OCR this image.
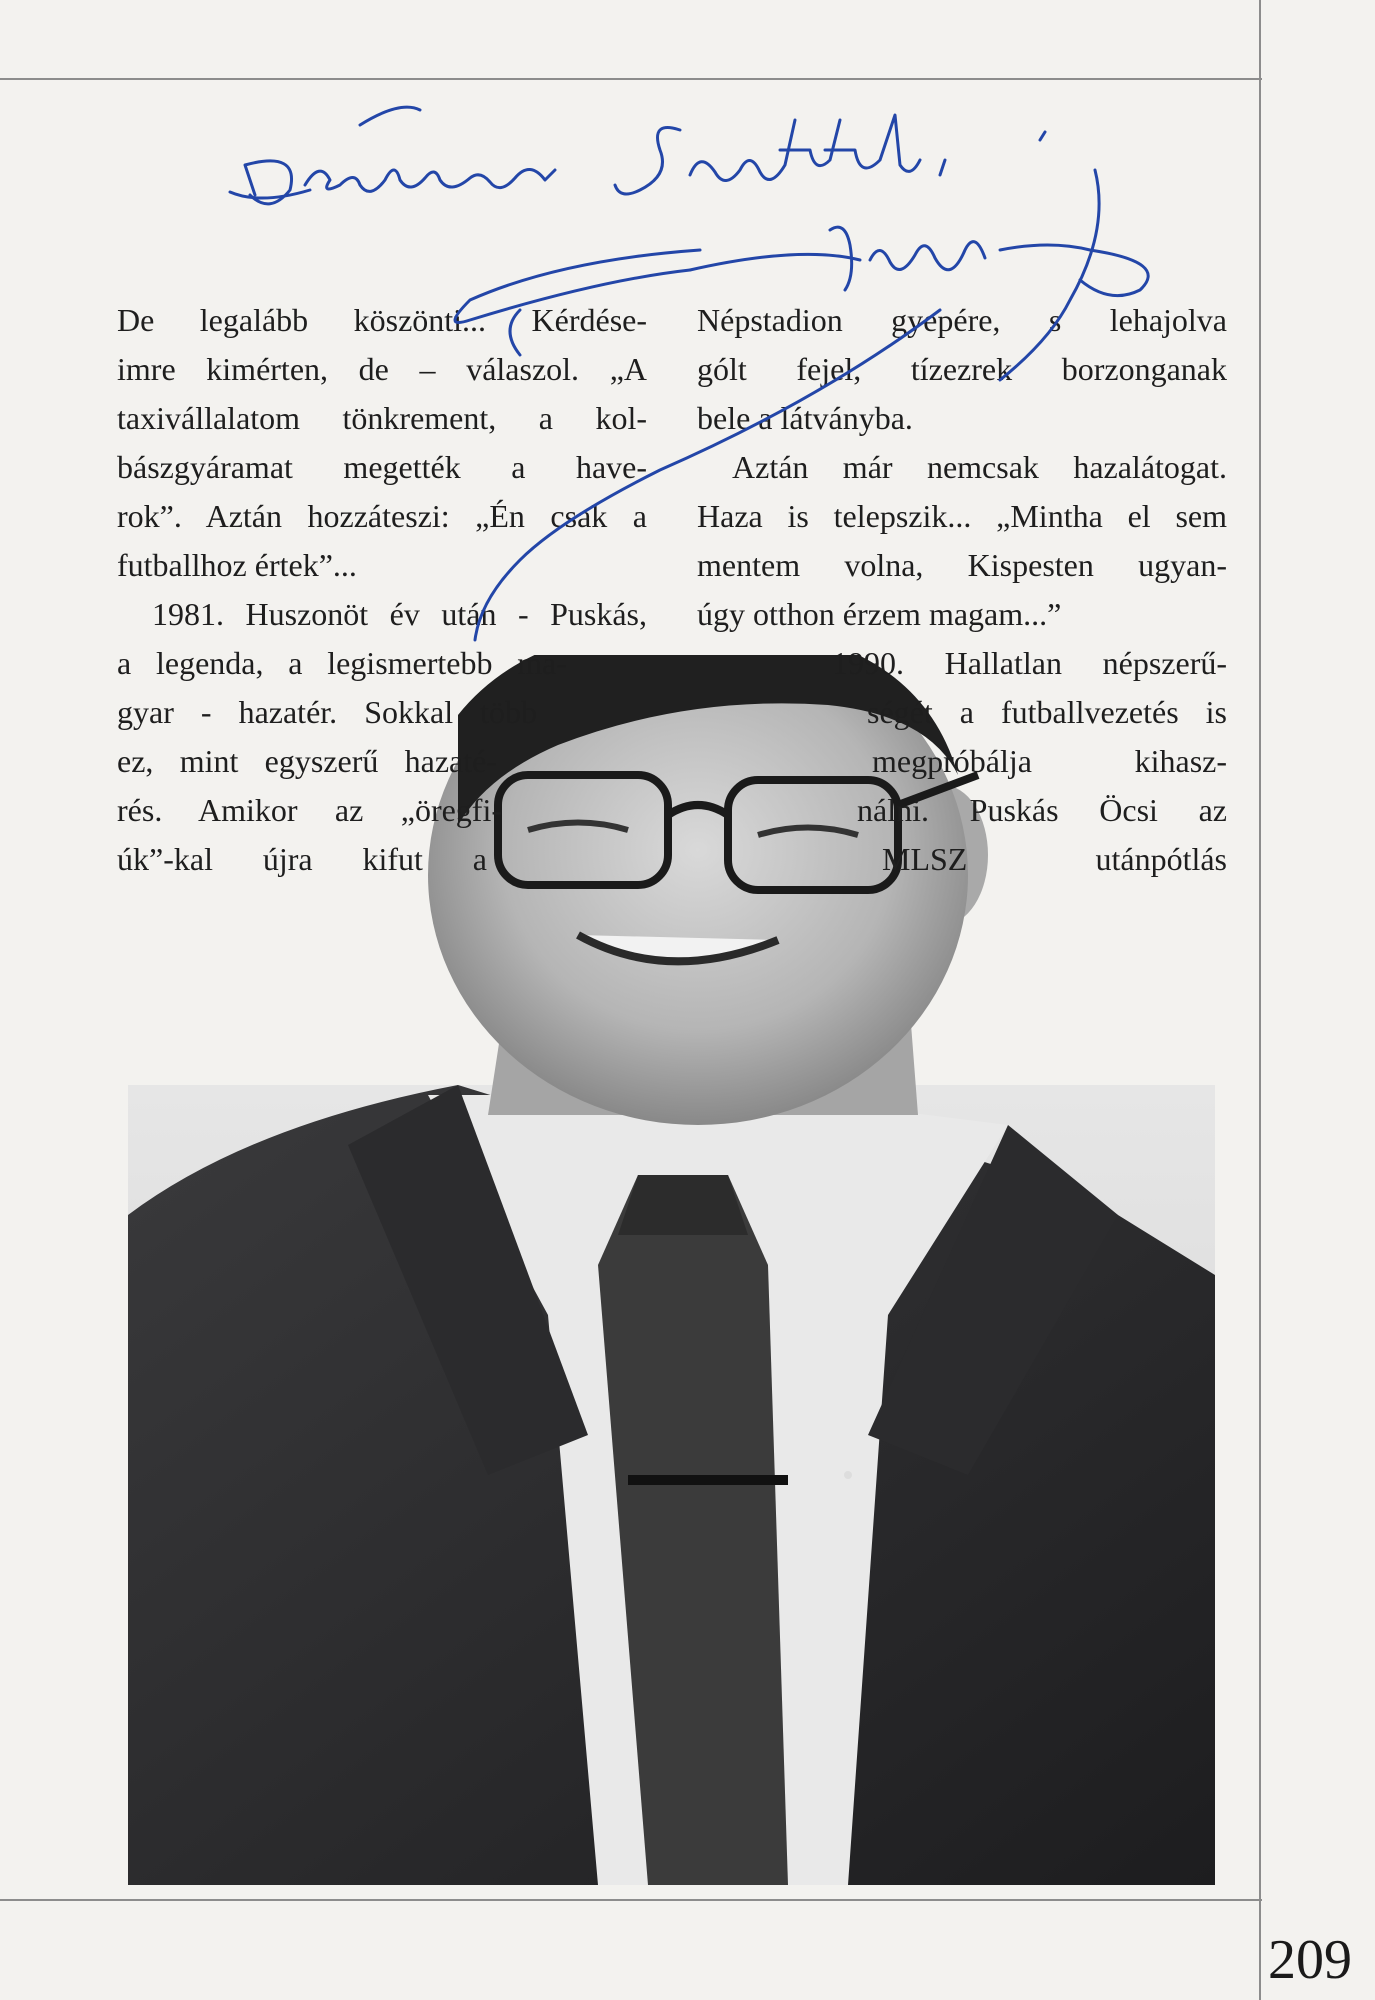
De legalább köszönti... Kérdése-
imre kimérten, de – válaszol. „A
taxivállalatom tönkrement, a kol-
bászgyáramat megették a have-
rok”. Aztán hozzáteszi: „Én csak a
futballhoz értek”...
1981. Huszonöt év után - Puskás,
a legenda, a legismertebb ma-
gyar - hazatér. Sokkal több
ez, mint egyszerű hazaté-
rés. Amikor az „öregfi-
úk”-kal újra kifut a
Népstadion gyepére, s lehajolva
gólt fejel, tízezrek borzonganak
bele a látványba.
Aztán már nemcsak hazalátogat.
Haza is telepszik... „Mintha el sem
mentem volna, Kispesten ugyan-
úgy otthon érzem magam...”
1990. Hallatlan népszerű-
ségét a futballvezetés is
megpróbálja kihasz-
nálni. Puskás Öcsi az
MLSZ utánpótlás
209
